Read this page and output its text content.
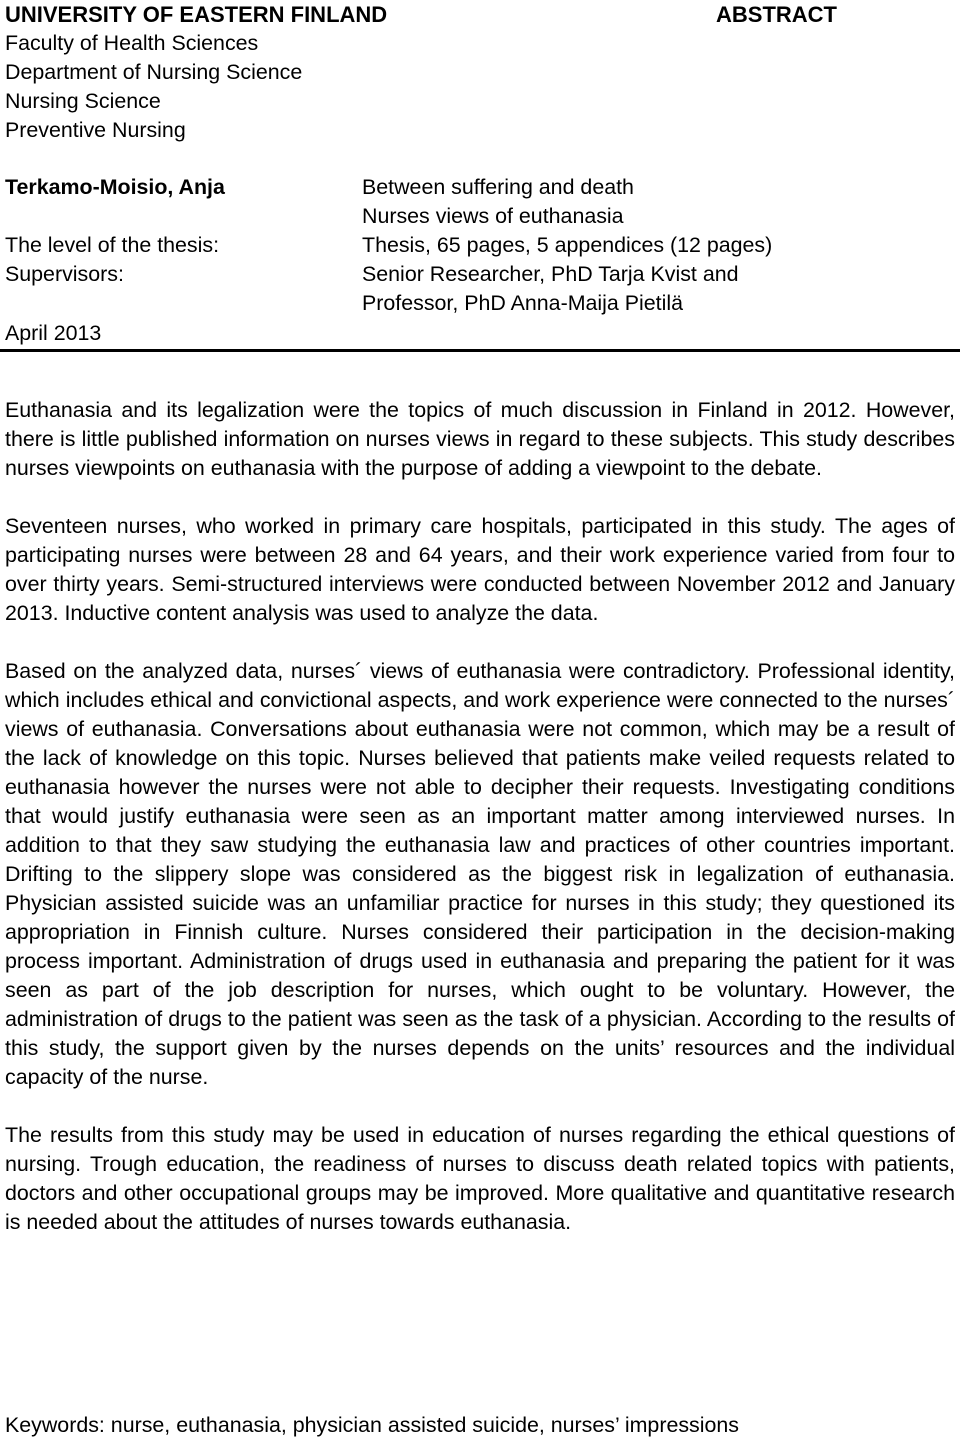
UNIVERSITY OF EASTERN FINLAND	ABSTRACT
Faculty of Health Sciences
Department of Nursing Science
Nursing Science
Preventive Nursing
Terkamo-Moisio, Anja
The level of the thesis:
Supervisors:
April 2013
Between suffering and death
Nurses views of euthanasia
Thesis, 65 pages, 5 appendices (12 pages)
Senior Researcher, PhD Tarja Kvist and
Professor, PhD Anna-Maija Pietilä

Euthanasia and its legalization were the topics of much discussion in Finland in 2012. However, there is little published information on nurses views in regard to these subjects. This study describes nurses viewpoints on euthanasia with the purpose of adding a viewpoint to the debate.

Seventeen nurses, who worked in primary care hospitals, participated in this study. The ages of participating nurses were between 28 and 64 years, and their work experience varied from four to over thirty years. Semi-structured interviews were conducted between November 2012 and January 2013. Inductive content analysis was used to analyze the data.

Based on the analyzed data, nurses´ views of euthanasia were contradictory. Professional identity, which includes ethical and convictional aspects, and work experience were connected to the nurses´ views of euthanasia. Conversations about euthanasia were not common, which may be a result of the lack of knowledge on this topic. Nurses believed that patients make veiled requests related to euthanasia however the nurses were not able to decipher their requests. Investigating conditions that would justify euthanasia were seen as an important matter among interviewed nurses. In addition to that they saw studying the euthanasia law and practices of other countries important. Drifting to the slippery slope was considered as the biggest risk in legalization of euthanasia. Physician assisted suicide was an unfamiliar practice for nurses in this study; they questioned its appropriation in Finnish culture. Nurses considered their participation in the decision-making process important. Administration of drugs used in euthanasia and preparing the patient for it was seen as part of the job description for nurses, which ought to be voluntary. However, the administration of drugs to the patient was seen as the task of a physician. According to the results of this study, the support given by the nurses depends on the units’ resources and the individual capacity of the nurse.

The results from this study may be used in education of nurses regarding the ethical questions of nursing. Trough education, the readiness of nurses to discuss death related topics with patients, doctors and other occupational groups may be improved. More qualitative and quantitative research is needed about the attitudes of nurses towards euthanasia.

Keywords: nurse, euthanasia, physician assisted suicide, nurses’ impressions
